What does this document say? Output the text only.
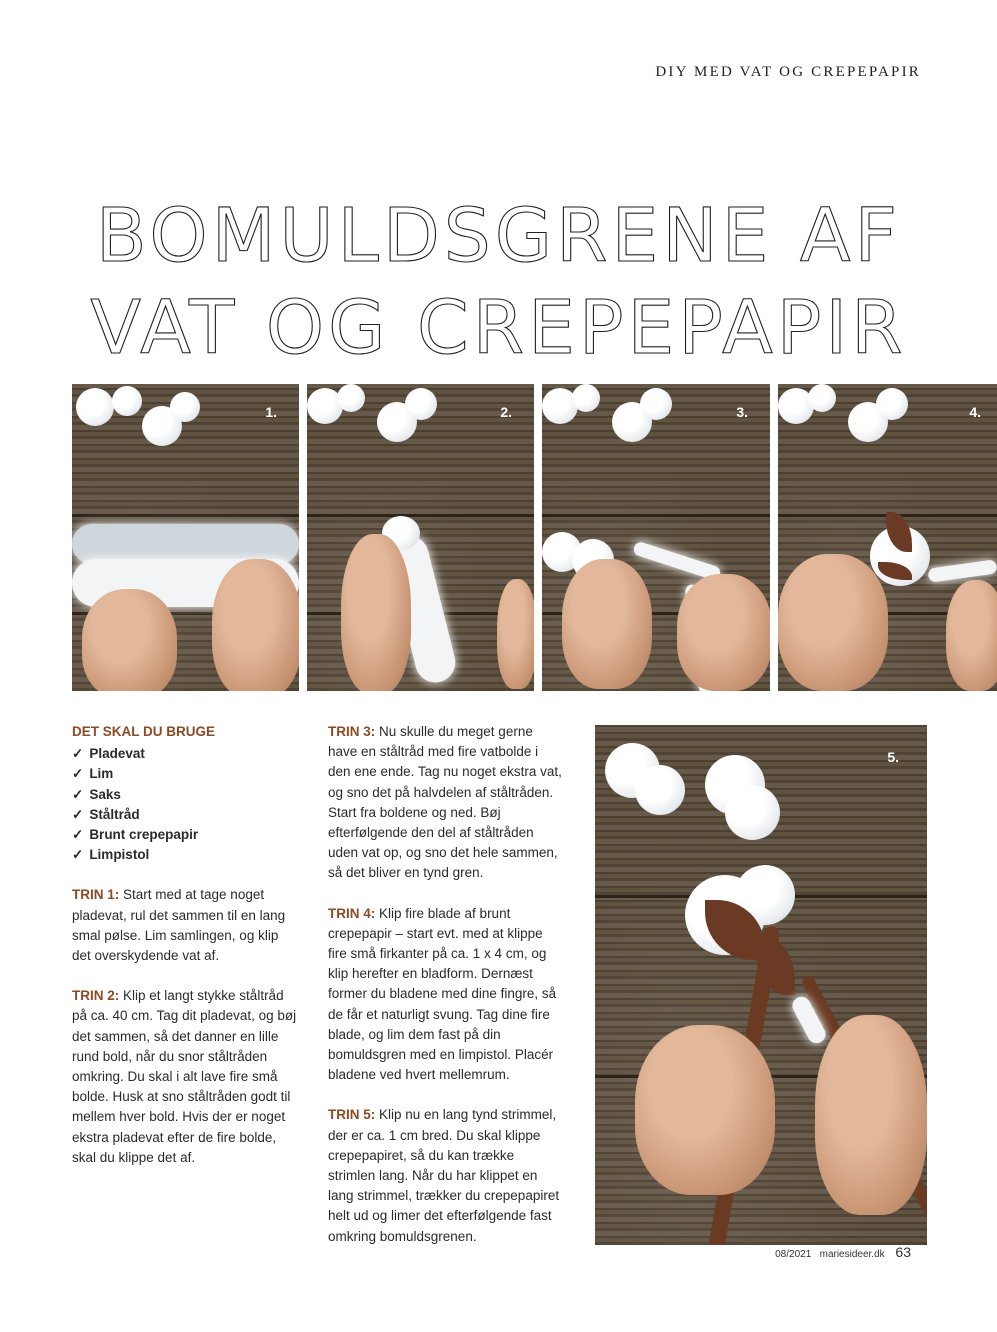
DIY MED VAT OG CREPEPAPIR
BOMULDSGRENE AF
VAT OG CREPEPAPIR
1.	2.	3.	4.
5.
DET SKAL DU BRUGE
✓ Pladevat
✓ Lim
✓ Saks
✓ Ståltråd
✓ Brunt crepepapir
✓ Limpistol

TRIN 1: Start med at tage noget pladevat, rul det sammen til en lang smal pølse. Lim samlingen, og klip det overskydende vat af.

TRIN 2: Klip et langt stykke ståltråd på ca. 40 cm. Tag dit pladevat, og bøj det sammen, så det danner en lille rund bold, når du snor ståltråden omkring. Du skal i alt lave fire små bolde. Husk at sno ståltråden godt til mellem hver bold. Hvis der er noget ekstra pladevat efter de fire bolde, skal du klippe det af.

TRIN 3: Nu skulle du meget gerne have en ståltråd med fire vatbolde i den ene ende. Tag nu noget ekstra vat, og sno det på halvdelen af ståltråden. Start fra boldene og ned. Bøj efterfølgende den del af ståltråden uden vat op, og sno det hele sammen, så det bliver en tynd gren.

TRIN 4: Klip fire blade af brunt crepepapir – start evt. med at klippe fire små firkanter på ca. 1 x 4 cm, og klip herefter en bladform. Dernæst former du bladene med dine fingre, så de får et naturligt svung. Tag dine fire blade, og lim dem fast på din bomuldsgren med en limpistol. Placér bladene ved hvert mellemrum.

TRIN 5: Klip nu en lang tynd strimmel, der er ca. 1 cm bred. Du skal klippe crepepapiret, så du kan trække strimlen lang. Når du har klippet en lang strimmel, trækker du crepepapiret helt ud og limer det efterfølgende fast omkring bomuldsgrenen.

08/2021 mariesideer.dk 63
